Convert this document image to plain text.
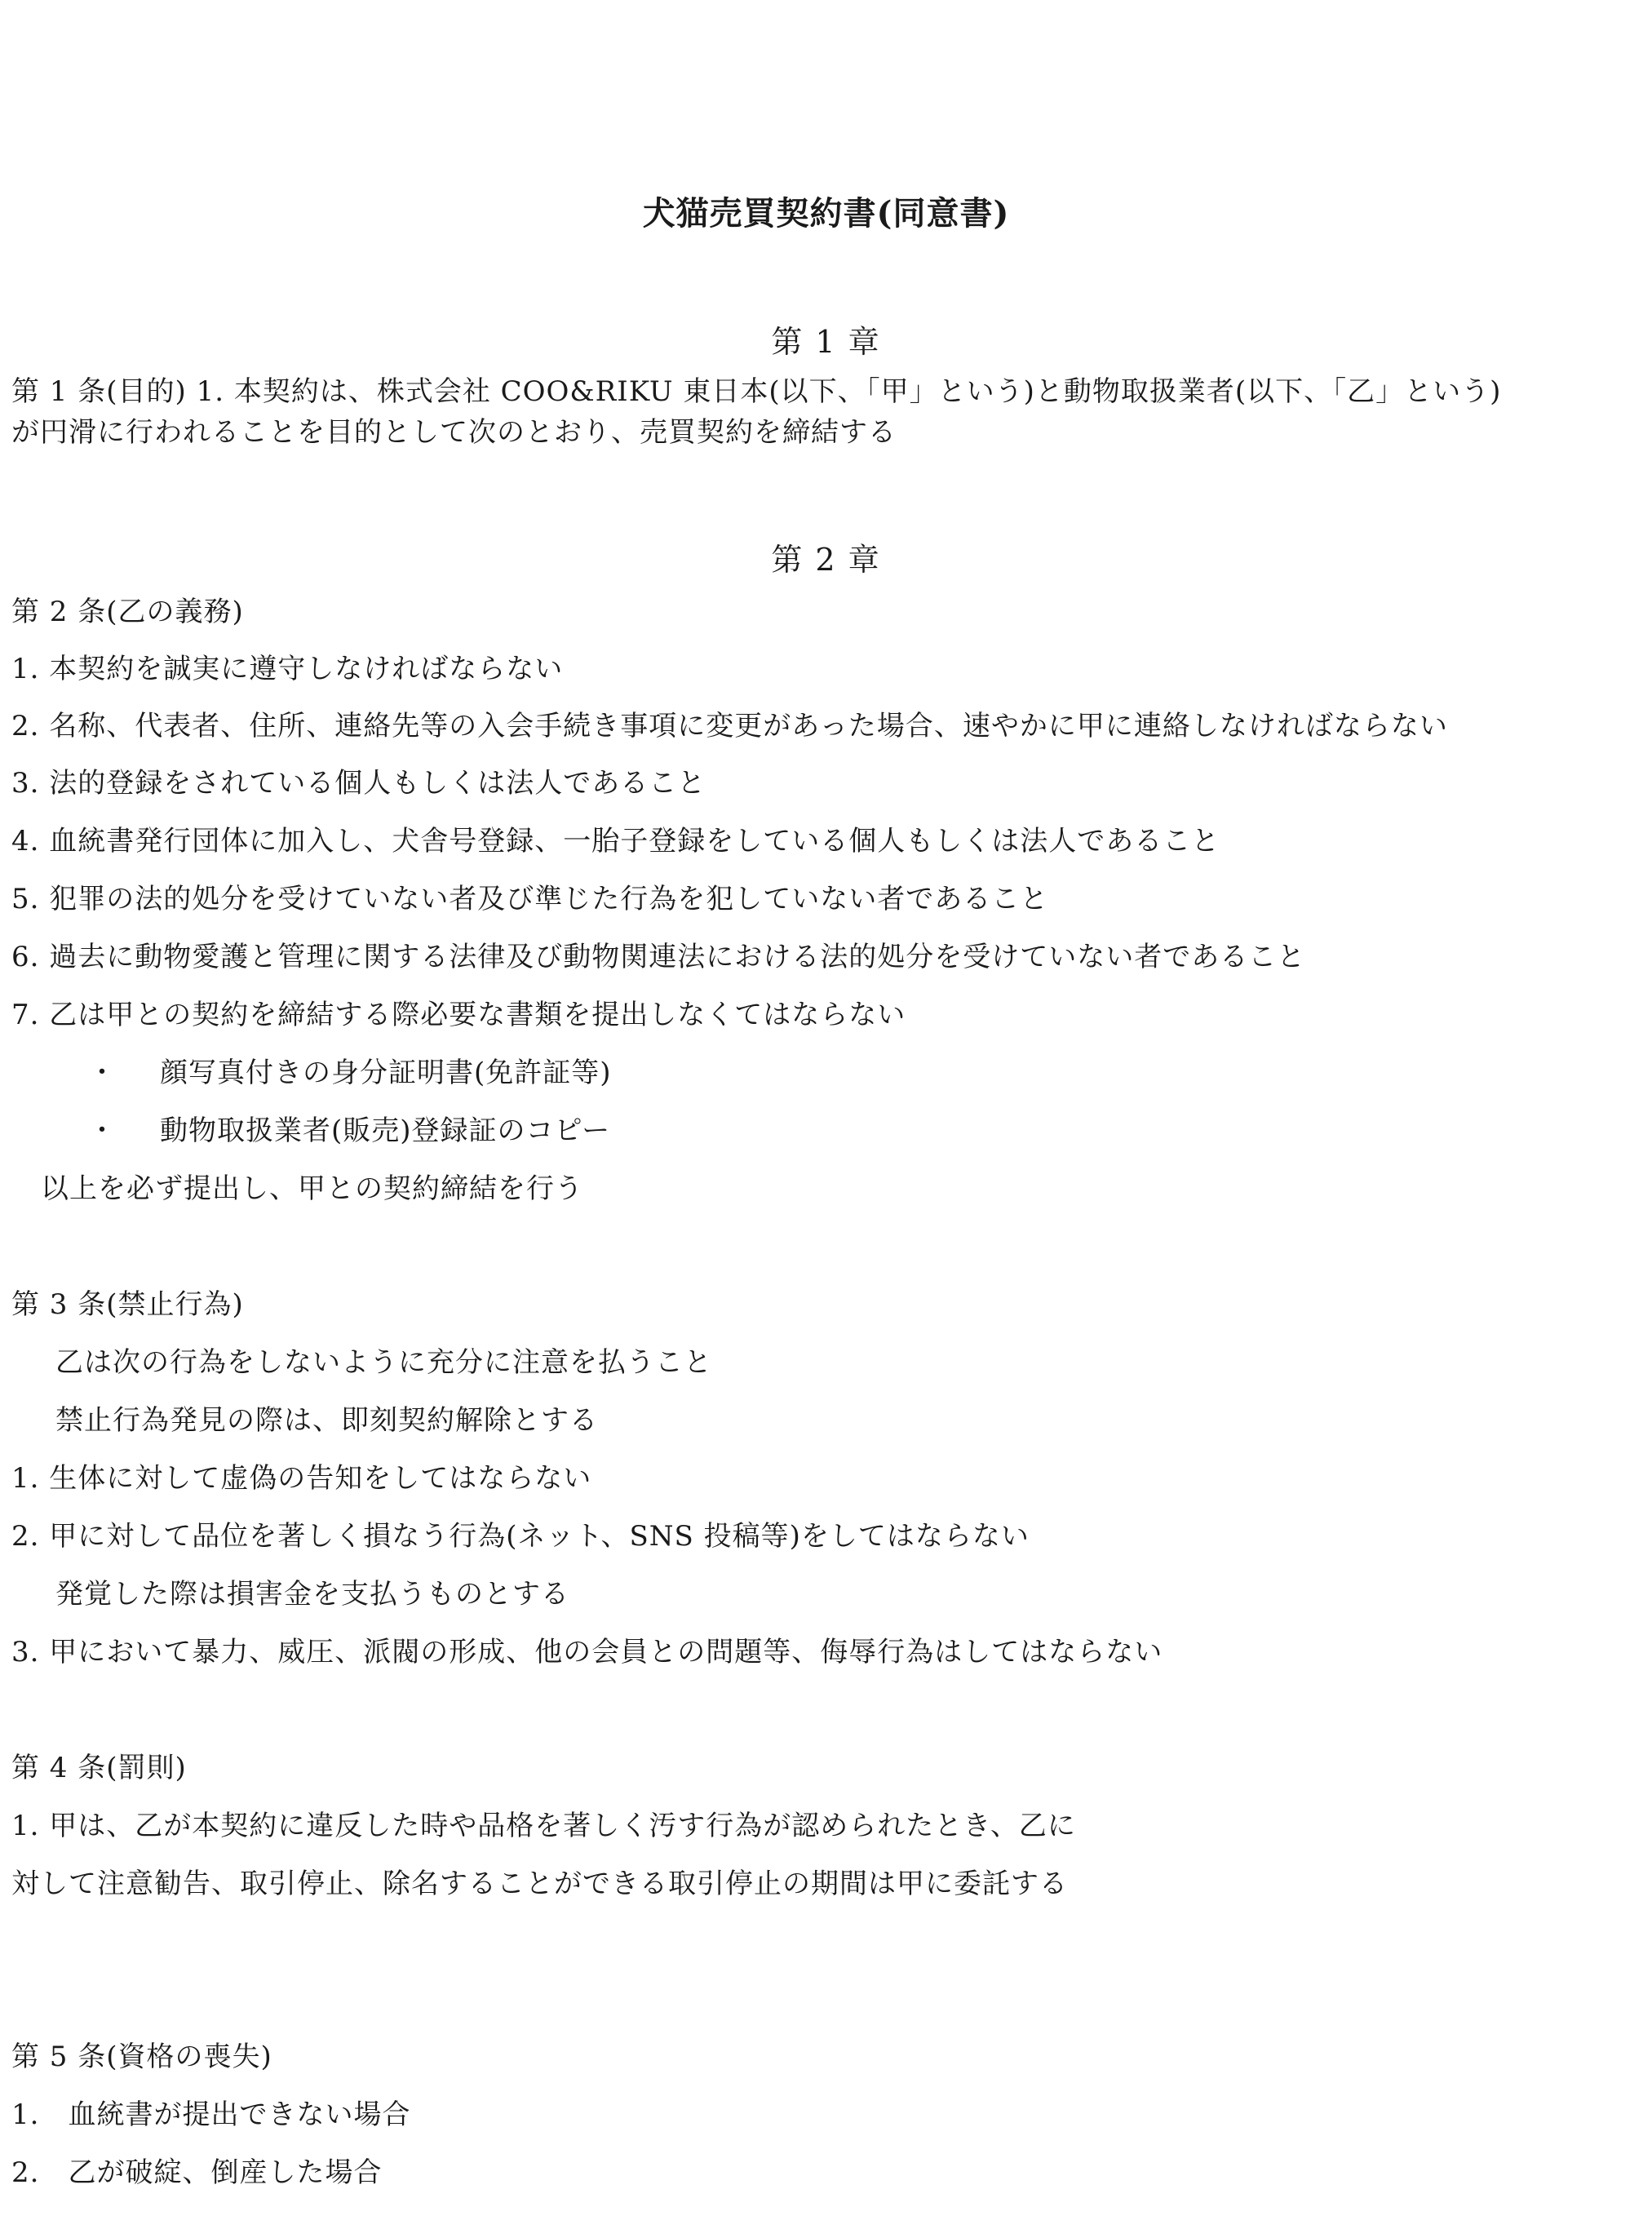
犬猫売買契約書(同意書)
第 1 章
第 1 条(目的) 1. 本契約は、株式会社 COO&RIKU 東日本(以下、「甲」という)と動物取扱業者(以下、「乙」という)
が円滑に行われることを目的として次のとおり、売買契約を締結する
第 2 章
第 2 条(乙の義務)
1. 本契約を誠実に遵守しなければならない
2. 名称、代表者、住所、連絡先等の入会手続き事項に変更があった場合、速やかに甲に連絡しなければならない
3. 法的登録をされている個人もしくは法人であること
4. 血統書発行団体に加入し、犬舎号登録、一胎子登録をしている個人もしくは法人であること
5. 犯罪の法的処分を受けていない者及び準じた行為を犯していない者であること
6. 過去に動物愛護と管理に関する法律及び動物関連法における法的処分を受けていない者であること
7. 乙は甲との契約を締結する際必要な書類を提出しなくてはならない
・ 顔写真付きの身分証明書(免許証等)
・ 動物取扱業者(販売)登録証のコピー
以上を必ず提出し、甲との契約締結を行う
第 3 条(禁止行為)
乙は次の行為をしないように充分に注意を払うこと
禁止行為発見の際は、即刻契約解除とする
1. 生体に対して虚偽の告知をしてはならない
2. 甲に対して品位を著しく損なう行為(ネット、SNS 投稿等)をしてはならない
発覚した際は損害金を支払うものとする
3. 甲において暴力、威圧、派閥の形成、他の会員との問題等、侮辱行為はしてはならない
第 4 条(罰則)
1. 甲は、乙が本契約に違反した時や品格を著しく汚す行為が認められたとき、乙に
対して注意勧告、取引停止、除名することができる取引停止の期間は甲に委託する
第 5 条(資格の喪失)
1.　血統書が提出できない場合
2.　乙が破綻、倒産した場合
